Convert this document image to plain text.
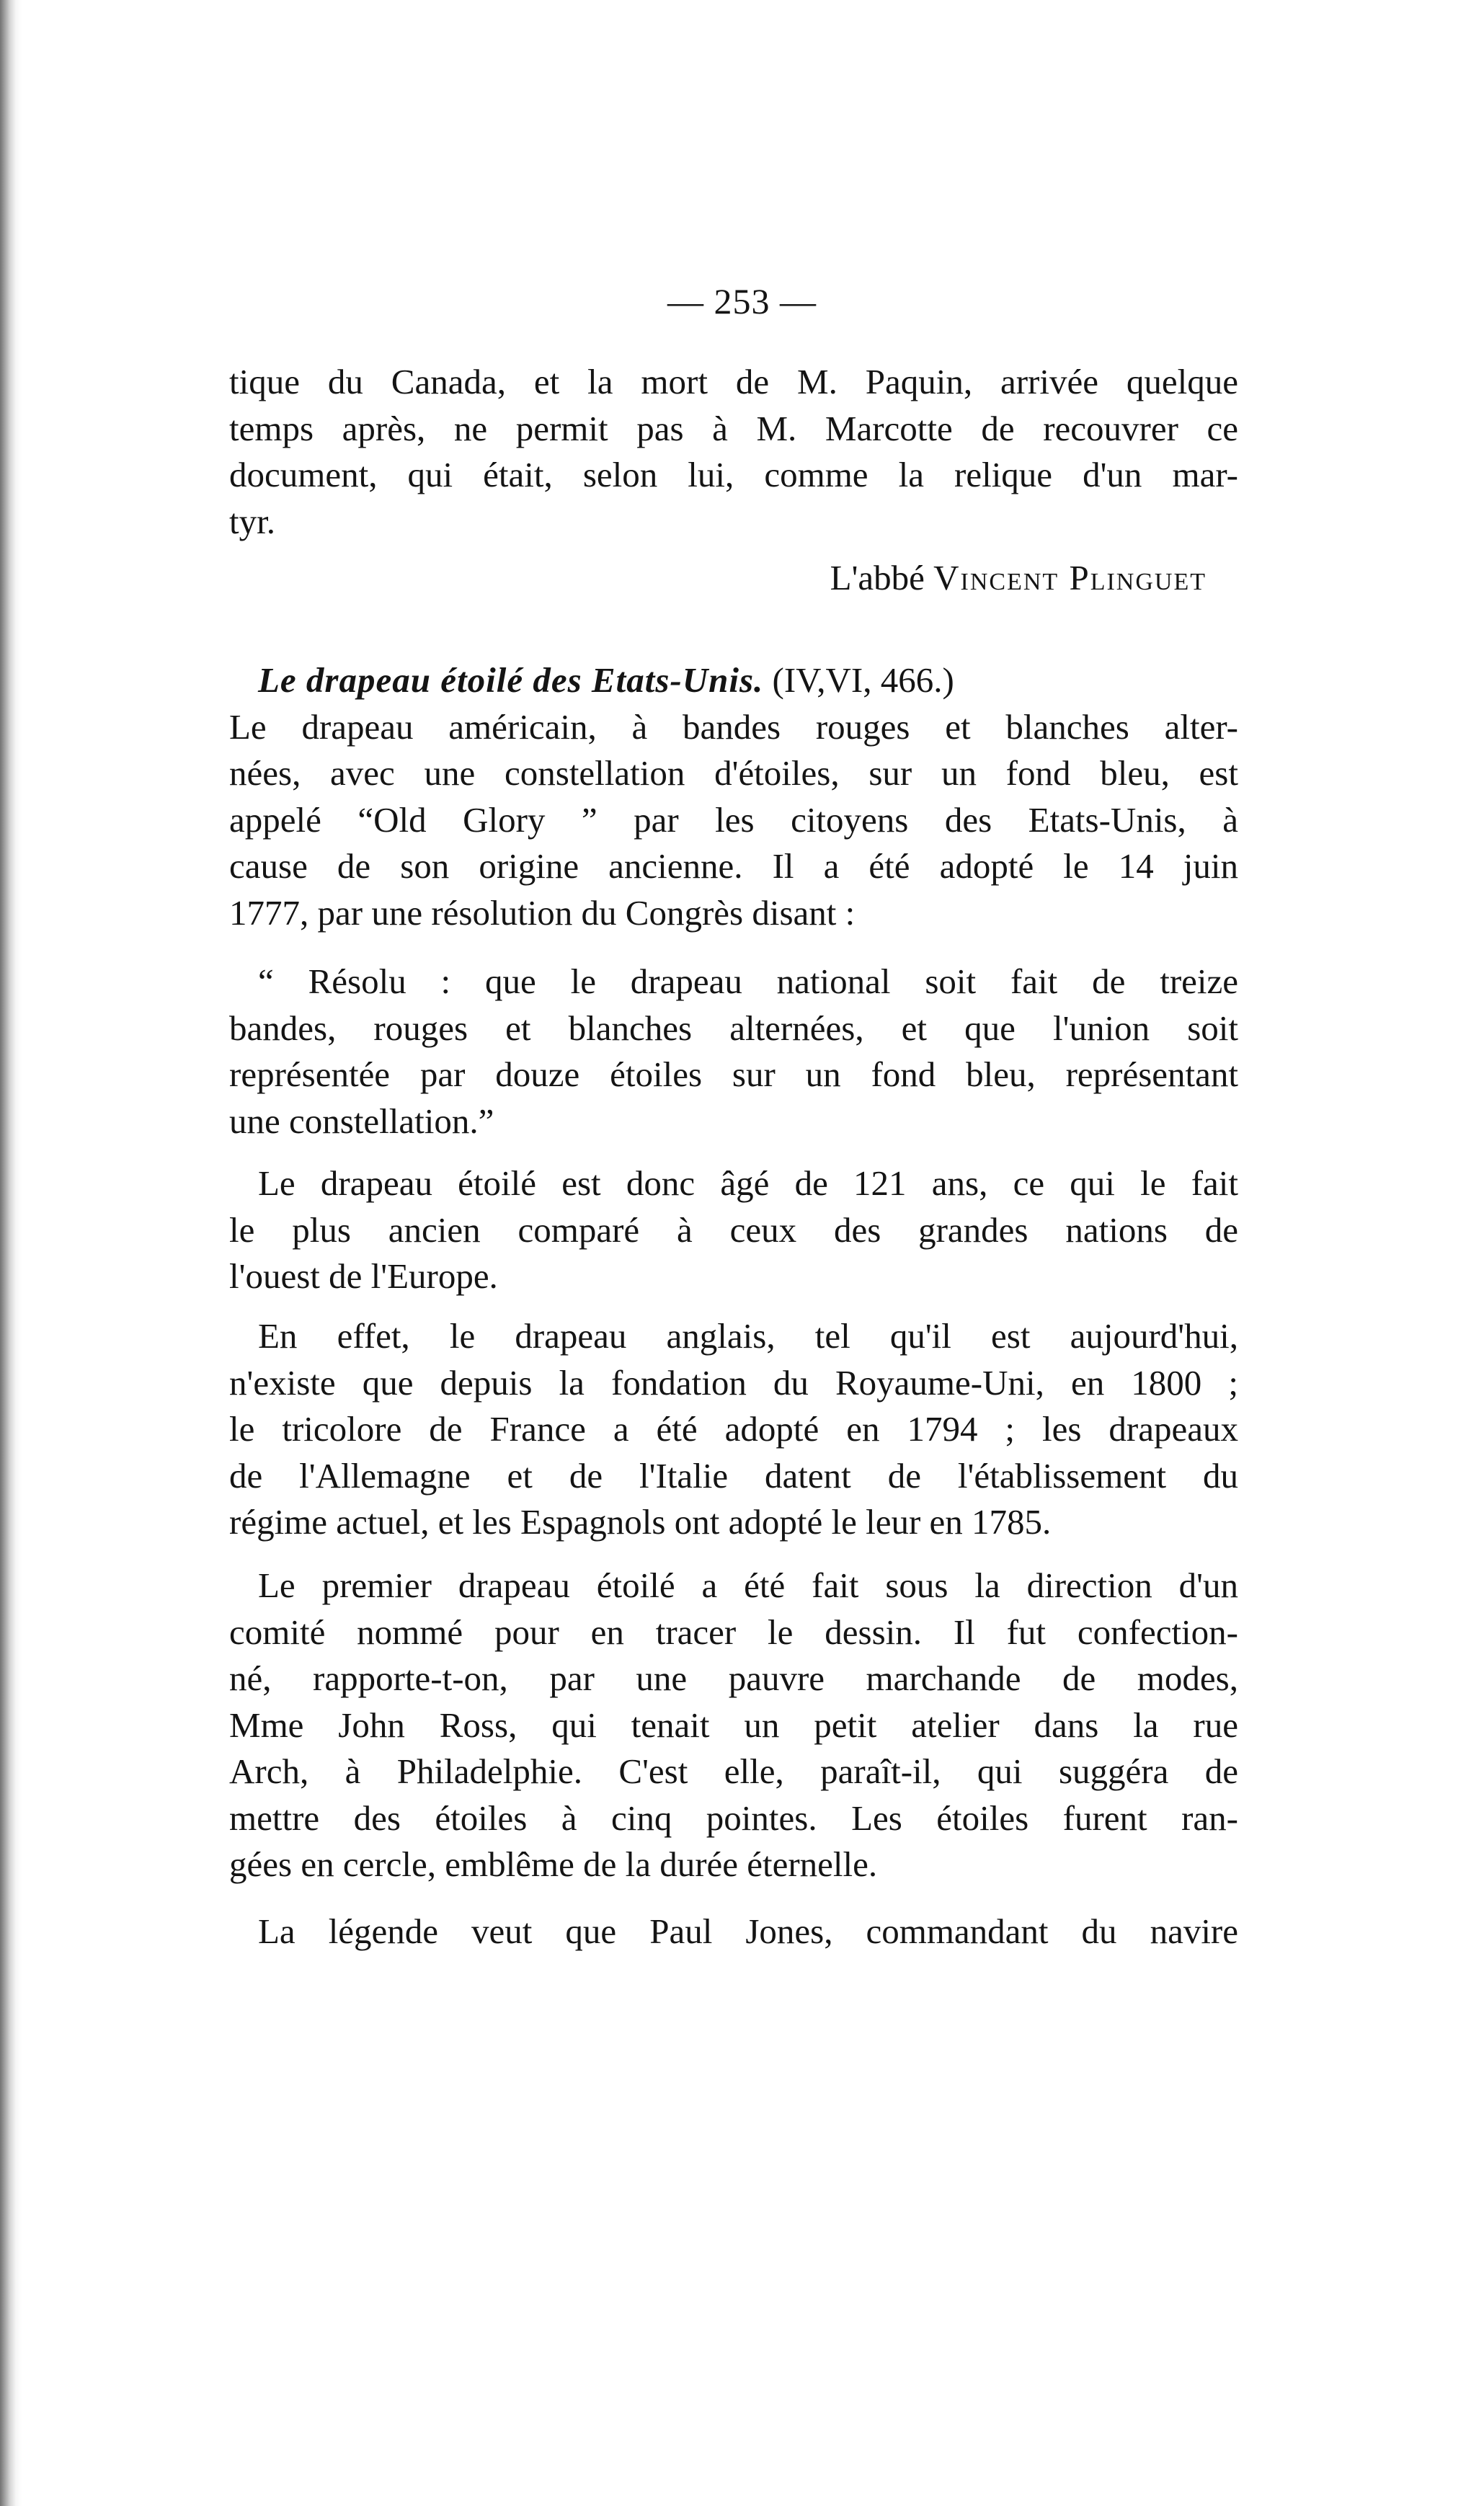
— 253 —
tique du Canada, et la mort de M. Paquin, arrivée quelque
temps après, ne permit pas à M. Marcotte de recouvrer ce
document, qui était, selon lui, comme la relique d'un mar-
tyr.
L'abbé Vincent Plinguet
Le drapeau étoilé des Etats-Unis. (IV,VI, 466.)
Le drapeau américain, à bandes rouges et blanches alter-
nées, avec une constellation d'étoiles, sur un fond bleu, est
appelé “Old Glory ” par les citoyens des Etats-Unis, à
cause de son origine ancienne. Il a été adopté le 14 juin
1777, par une résolution du Congrès disant :
“ Résolu : que le drapeau national soit fait de treize
bandes, rouges et blanches alternées, et que l'union soit
représentée par douze étoiles sur un fond bleu, représentant
une constellation.”
Le drapeau étoilé est donc âgé de 121 ans, ce qui le fait
le plus ancien comparé à ceux des grandes nations de
l'ouest de l'Europe.
En effet, le drapeau anglais, tel qu'il est aujourd'hui,
n'existe que depuis la fondation du Royaume-Uni, en 1800 ;
le tricolore de France a été adopté en 1794 ; les drapeaux
de l'Allemagne et de l'Italie datent de l'établissement du
régime actuel, et les Espagnols ont adopté le leur en 1785.
Le premier drapeau étoilé a été fait sous la direction d'un
comité nommé pour en tracer le dessin. Il fut confection-
né, rapporte-t-on, par une pauvre marchande de modes,
Mme John Ross, qui tenait un petit atelier dans la rue
Arch, à Philadelphie. C'est elle, paraît-il, qui suggéra de
mettre des étoiles à cinq pointes. Les étoiles furent ran-
gées en cercle, emblême de la durée éternelle.
La légende veut que Paul Jones, commandant du navire
